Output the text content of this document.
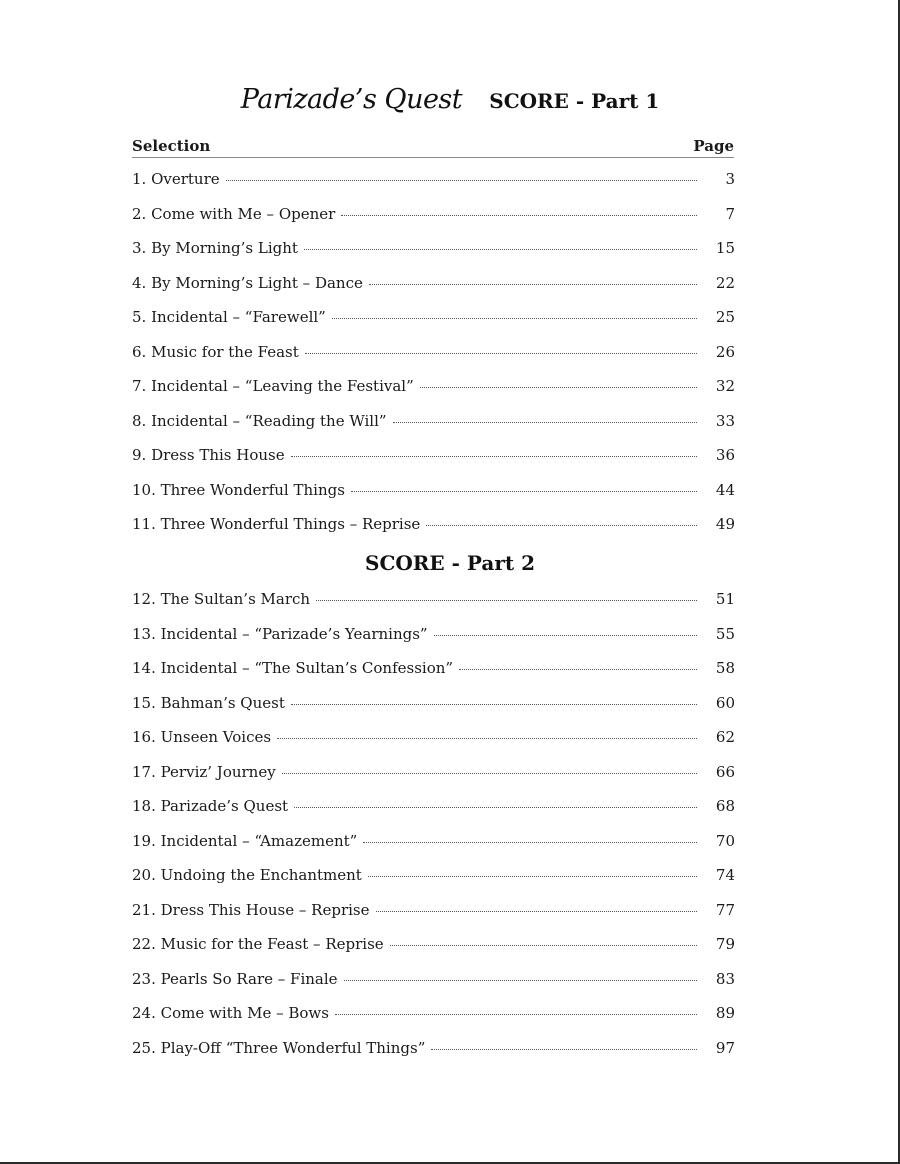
Parizade’s Quest SCORE - Part 1
Selection	Page
1. Overture	3
2. Come with Me – Opener	7
3. By Morning’s Light	15
4. By Morning’s Light – Dance	22
5. Incidental – “Farewell”	25
6. Music for the Feast	26
7. Incidental – “Leaving the Festival”	32
8. Incidental – “Reading the Will”	33
9. Dress This House	36
10. Three Wonderful Things	44
11. Three Wonderful Things – Reprise	49
SCORE - Part 2
12. The Sultan’s March	51
13. Incidental – “Parizade’s Yearnings”	55
14. Incidental – “The Sultan’s Confession”	58
15. Bahman’s Quest	60
16. Unseen Voices	62
17. Perviz’ Journey	66
18. Parizade’s Quest	68
19. Incidental – “Amazement”	70
20. Undoing the Enchantment	74
21. Dress This House – Reprise	77
22. Music for the Feast – Reprise	79
23. Pearls So Rare – Finale	83
24. Come with Me – Bows	89
25. Play-Off “Three Wonderful Things”	97
